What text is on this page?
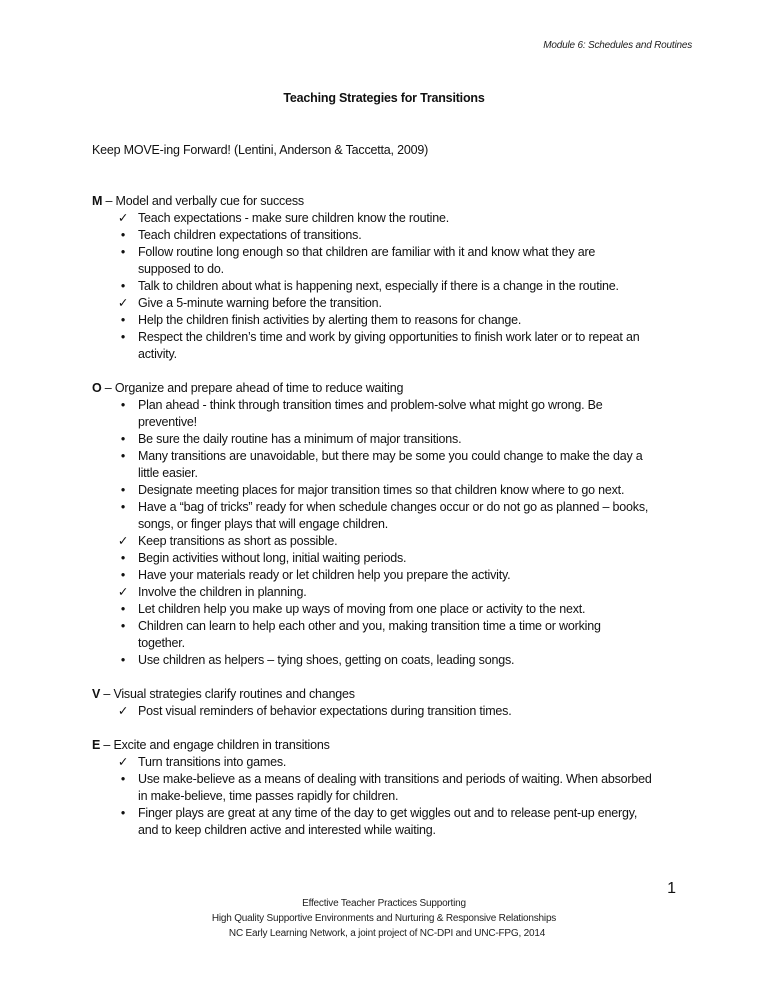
Module 6: Schedules and Routines
Teaching Strategies for Transitions
Keep MOVE-ing Forward! (Lentini, Anderson & Taccetta, 2009)
M – Model and verbally cue for success
✓ Teach expectations - make sure children know the routine.
•	Teach children expectations of transitions.
•	Follow routine long enough so that children are familiar with it and know what they are
supposed to do.
•	Talk to children about what is happening next, especially if there is a change in the routine.
✓ Give a 5-minute warning before the transition.
•	Help the children finish activities by alerting them to reasons for change.
•	Respect the children’s time and work by giving opportunities to finish work later or to repeat an
activity.
O – Organize and prepare ahead of time to reduce waiting
•	Plan ahead - think through transition times and problem-solve what might go wrong. Be
preventive!
•	Be sure the daily routine has a minimum of major transitions.
•	Many transitions are unavoidable, but there may be some you could change to make the day a
little easier.
•	Designate meeting places for major transition times so that children know where to go next.
•	Have a “bag of tricks” ready for when schedule changes occur or do not go as planned – books,
songs, or finger plays that will engage children.
✓ Keep transitions as short as possible.
•	Begin activities without long, initial waiting periods.
•	Have your materials ready or let children help you prepare the activity.
✓ Involve the children in planning.
•	Let children help you make up ways of moving from one place or activity to the next.
•	Children can learn to help each other and you, making transition time a time or working
together.
•	Use children as helpers – tying shoes, getting on coats, leading songs.
V – Visual strategies clarify routines and changes
✓ Post visual reminders of behavior expectations during transition times.
E – Excite and engage children in transitions
✓ Turn transitions into games.
•	Use make-believe as a means of dealing with transitions and periods of waiting. When absorbed
in make-believe, time passes rapidly for children.
•	Finger plays are great at any time of the day to get wiggles out and to release pent-up energy,
and to keep children active and interested while waiting.
1
Effective Teacher Practices Supporting
High Quality Supportive Environments and Nurturing & Responsive Relationships
NC Early Learning Network, a joint project of NC-DPI and UNC-FPG, 2014
